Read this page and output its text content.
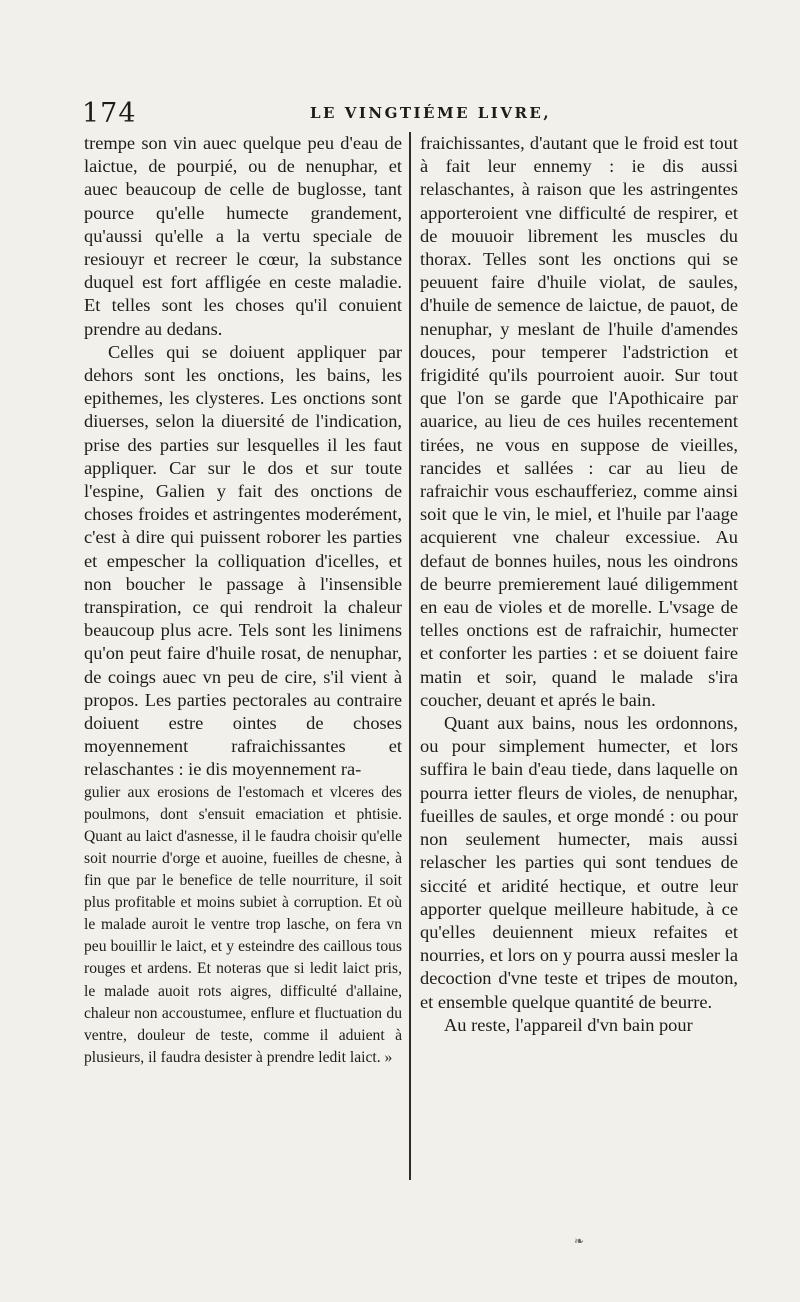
174	LE VINGTIÉME LIVRE,

trempe son vin auec quelque peu d'eau de laictue, de pourpié, ou de nenuphar, et auec beaucoup de celle de buglosse, tant pource qu'elle humecte grandement, qu'aussi qu'elle a la vertu speciale de resiouyr et recreer le cœur, la substance duquel est fort affligée en ceste maladie. Et telles sont les choses qu'il conuient prendre au dedans.

Celles qui se doiuent appliquer par dehors sont les onctions, les bains, les epithemes, les clysteres. Les onctions sont diuerses, selon la diuersité de l'indication, prise des parties sur lesquelles il les faut appliquer. Car sur le dos et sur toute l'espine, Galien y fait des onctions de choses froides et astringentes moderément, c'est à dire qui puissent roborer les parties et empescher la colliquation d'icelles, et non boucher le passage à l'insensible transpiration, ce qui rendroit la chaleur beaucoup plus acre. Tels sont les linimens qu'on peut faire d'huile rosat, de nenuphar, de coings auec vn peu de cire, s'il vient à propos. Les parties pectorales au contraire doiuent estre ointes de choses moyennement rafraichissantes et relaschantes : ie dis moyennement ra-

gulier aux erosions de l'estomach et vlceres des poulmons, dont s'ensuit emaciation et phtisie. Quant au laict d'asnesse, il le faudra choisir qu'elle soit nourrie d'orge et auoine, fueilles de chesne, à fin que par le benefice de telle nourriture, il soit plus profitable et moins subiet à corruption. Et où le malade auroit le ventre trop lasche, on fera vn peu bouillir le laict, et y esteindre des caillous tous rouges et ardens. Et noteras que si ledit laict pris, le malade auoit rots aigres, difficulté d'allaine, chaleur non accoustumee, enflure et fluctuation du ventre, douleur de teste, comme il aduient à plusieurs, il faudra desister à prendre ledit laict. »

fraichissantes, d'autant que le froid est tout à fait leur ennemy : ie dis aussi relaschantes, à raison que les astringentes apporteroient vne difficulté de respirer, et de mouuoir librement les muscles du thorax. Telles sont les onctions qui se peuuent faire d'huile violat, de saules, d'huile de semence de laictue, de pauot, de nenuphar, y meslant de l'huile d'amendes douces, pour temperer l'adstriction et frigidité qu'ils pourroient auoir. Sur tout que l'on se garde que l'Apothicaire par auarice, au lieu de ces huiles recentement tirées, ne vous en suppose de vieilles, rancides et sallées : car au lieu de rafraichir vous eschaufferiez, comme ainsi soit que le vin, le miel, et l'huile par l'aage acquierent vne chaleur excessiue. Au defaut de bonnes huiles, nous les oindrons de beurre premierement laué diligemment en eau de violes et de morelle. L'vsage de telles onctions est de rafraichir, humecter et conforter les parties : et se doiuent faire matin et soir, quand le malade s'ira coucher, deuant et aprés le bain.

Quant aux bains, nous les ordonnons, ou pour simplement humecter, et lors suffira le bain d'eau tiede, dans laquelle on pourra ietter fleurs de violes, de nenuphar, fueilles de saules, et orge mondé : ou pour non seulement humecter, mais aussi relascher les parties qui sont tendues de siccité et aridité hectique, et outre leur apporter quelque meilleure habitude, à ce qu'elles deuiennent mieux refaites et nourries, et lors on y pourra aussi mesler la decoction d'vne teste et tripes de mouton, et ensemble quelque quantité de beurre.

Au reste, l'appareil d'vn bain pour

❧
